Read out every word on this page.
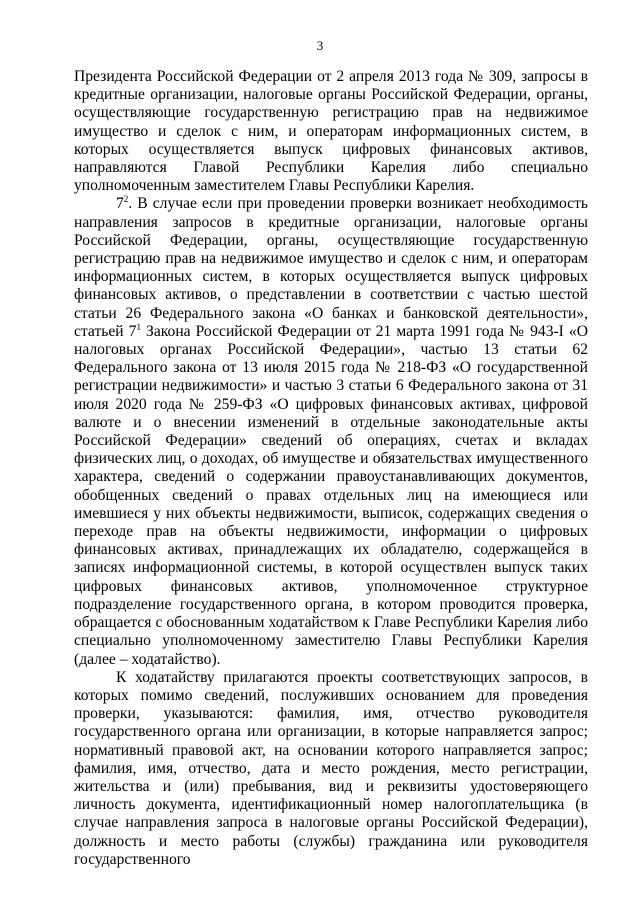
3

Президента Российской Федерации от 2 апреля 2013 года № 309, запросы в кредитные организации, налоговые органы Российской Федерации, органы, осуществляющие государственную регистрацию прав на недвижимое имущество и сделок с ним, и операторам информационных систем, в которых осуществляется выпуск цифровых финансовых активов, направляются Главой Республики Карелия либо специально уполномоченным заместителем Главы Республики Карелия.

$7^2$. В случае если при проведении проверки возникает необходимость направления запросов в кредитные организации, налоговые органы Российской Федерации, органы, осуществляющие государственную регистрацию прав на недвижимое имущество и сделок с ним, и операторам информационных систем, в которых осуществляется выпуск цифровых финансовых активов, о представлении в соответствии с частью шестой статьи 26 Федерального закона «О банках и банковской деятельности», статьей $7^1$ Закона Российской Федерации от 21 марта 1991 года № 943-I «О налоговых органах Российской Федерации», частью 13 статьи 62 Федерального закона от 13 июля 2015 года № 218-ФЗ «О государственной регистрации недвижимости» и частью 3 статьи 6 Федерального закона от 31 июля 2020 года № 259-ФЗ «О цифровых финансовых активах, цифровой валюте и о внесении изменений в отдельные законодательные акты Российской Федерации» сведений об операциях, счетах и вкладах физических лиц, о доходах, об имуществе и обязательствах имущественного характера, сведений о содержании правоустанавливающих документов, обобщенных сведений о правах отдельных лиц на имеющиеся или имевшиеся у них объекты недвижимости, выписок, содержащих сведения о переходе прав на объекты недвижимости, информации о цифровых финансовых активах, принадлежащих их обладателю, содержащейся в записях информационной системы, в которой осуществлен выпуск таких цифровых финансовых активов, уполномоченное структурное подразделение государственного органа, в котором проводится проверка, обращается с обоснованным ходатайством к Главе Республики Карелия либо специально уполномоченному заместителю Главы Республики Карелия (далее – ходатайство).

К ходатайству прилагаются проекты соответствующих запросов, в которых помимо сведений, послуживших основанием для проведения проверки, указываются: фамилия, имя, отчество руководителя государственного органа или организации, в которые направляется запрос; нормативный правовой акт, на основании которого направляется запрос; фамилия, имя, отчество, дата и место рождения, место регистрации, жительства и (или) пребывания, вид и реквизиты удостоверяющего личность документа, идентификационный номер налогоплательщика (в случае направления запроса в налоговые органы Российской Федерации), должность и место работы (службы) гражданина или руководителя государственного
